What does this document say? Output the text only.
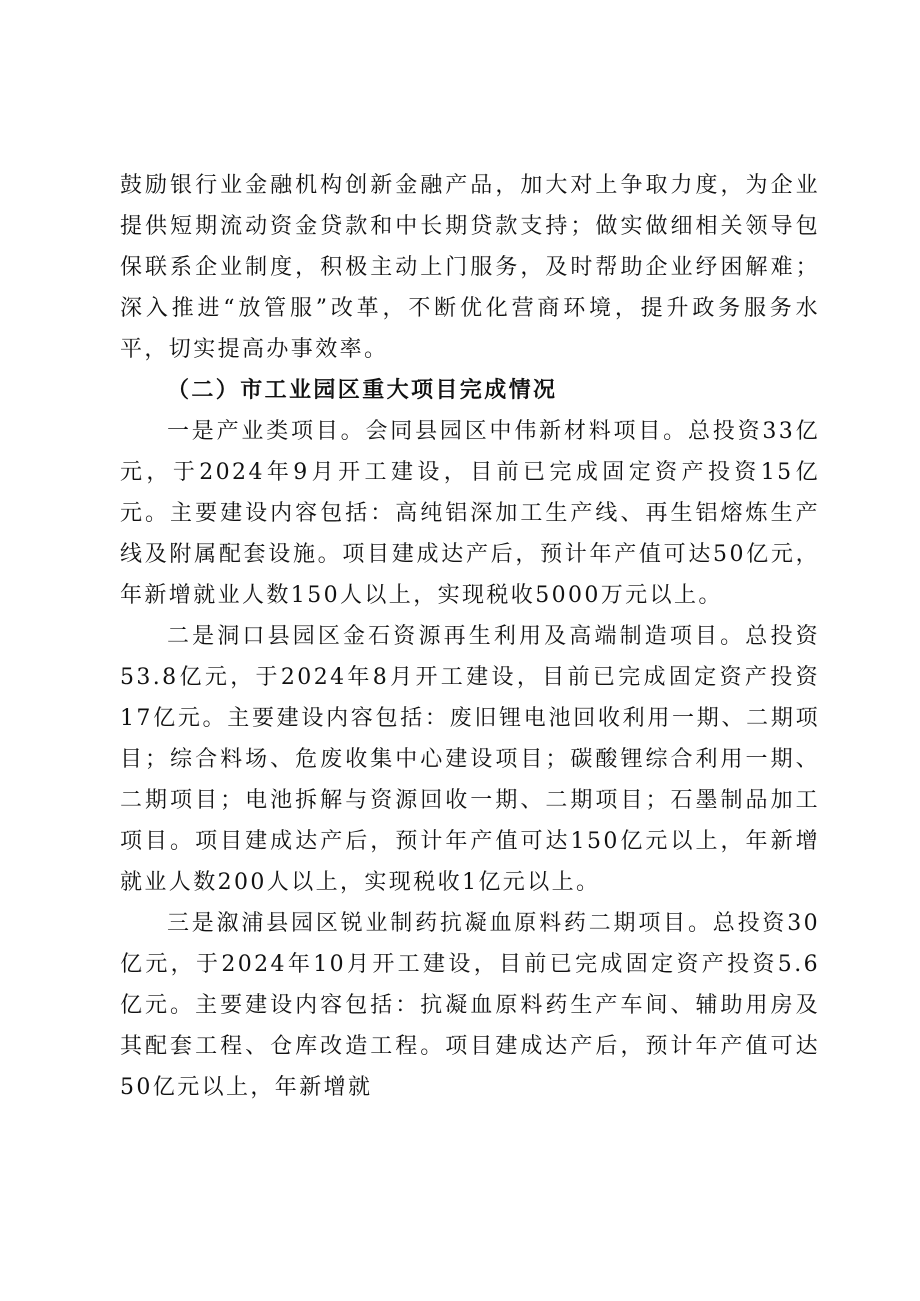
鼓励银行业金融机构创新金融产品，加大对上争取力度，为企业提供短期流动资金贷款和中长期贷款支持；做实做细相关领导包保联系企业制度，积极主动上门服务，及时帮助企业纾困解难；深入推进“放管服”改革，不断优化营商环境，提升政务服务水平，切实提高办事效率。

（二）市工业园区重大项目完成情况

一是产业类项目。会同县园区中伟新材料项目。总投资33亿元，于2024年9月开工建设，目前已完成固定资产投资15亿元。主要建设内容包括：高纯铝深加工生产线、再生铝熔炼生产线及附属配套设施。项目建成达产后，预计年产值可达50亿元，年新增就业人数150人以上，实现税收5000万元以上。

二是洞口县园区金石资源再生利用及高端制造项目。总投资53.8亿元，于2024年8月开工建设，目前已完成固定资产投资17亿元。主要建设内容包括：废旧锂电池回收利用一期、二期项目；综合料场、危废收集中心建设项目；碳酸锂综合利用一期、二期项目；电池拆解与资源回收一期、二期项目；石墨制品加工项目。项目建成达产后，预计年产值可达150亿元以上，年新增就业人数200人以上，实现税收1亿元以上。

三是溆浦县园区锐业制药抗凝血原料药二期项目。总投资30亿元，于2024年10月开工建设，目前已完成固定资产投资5.6亿元。主要建设内容包括：抗凝血原料药生产车间、辅助用房及其配套工程、仓库改造工程。项目建成达产后，预计年产值可达50亿元以上，年新增就
